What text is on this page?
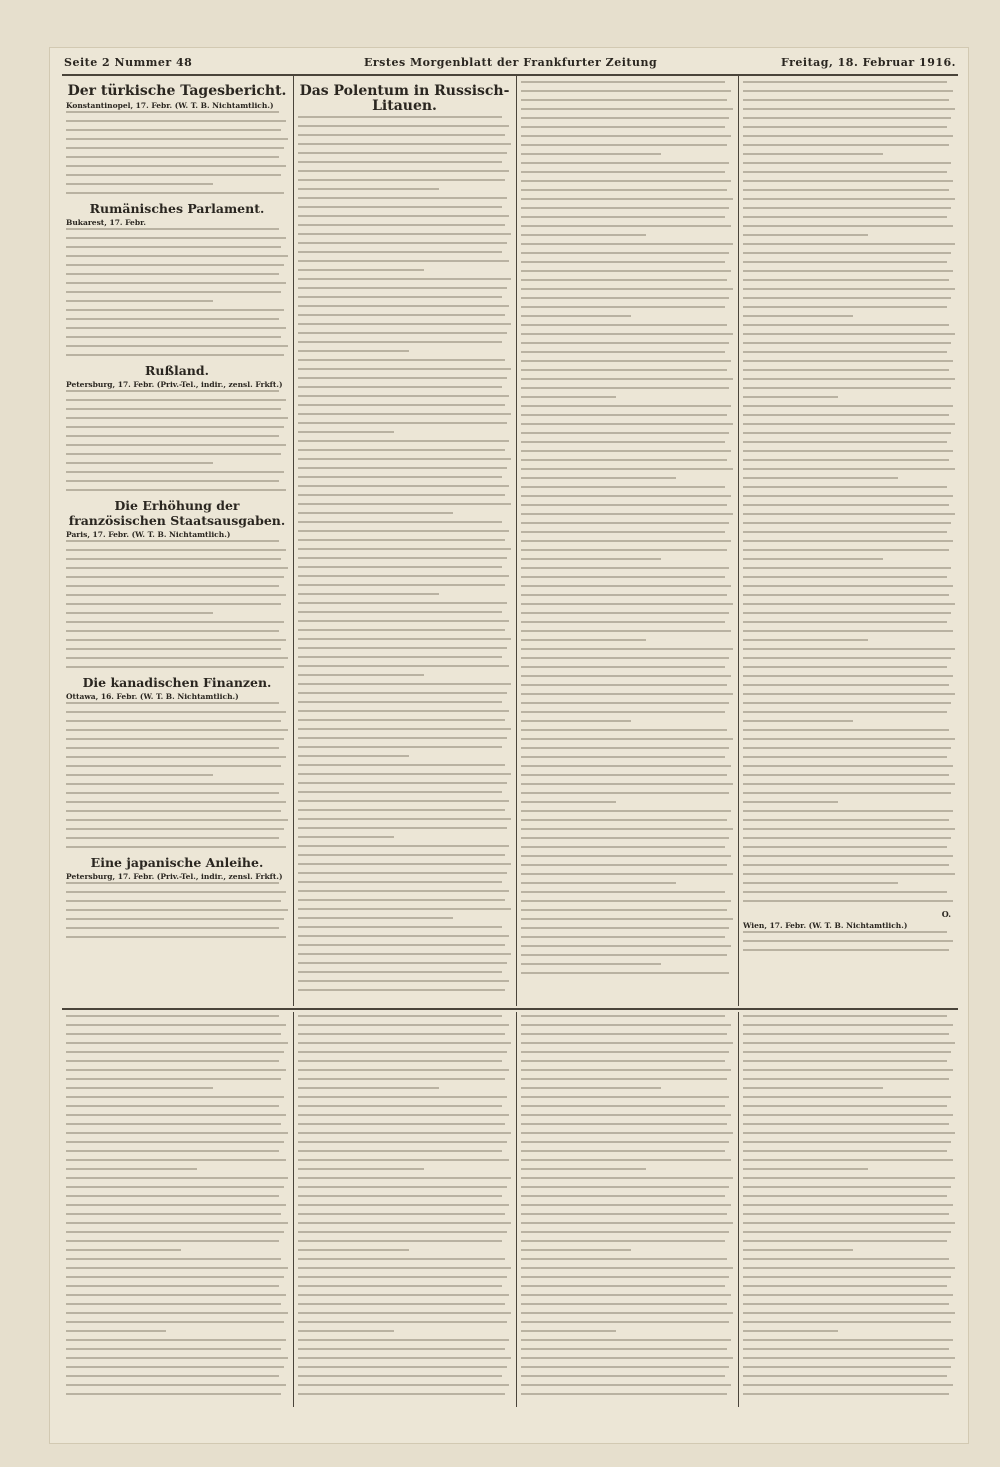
Seite 2 Nummer 48	Erstes Morgenblatt der Frankfurter Zeitung	Freitag, 18. Februar 1916.
Der türkische Tagesbericht.
Konstantinopel, 17. Febr. (W. T. B. Nichtamtlich.)
Rumänisches Parlament.
Bukarest, 17. Febr.
Rußland.
Petersburg, 17. Febr. (Priv.-Tel., indir., zensl. Frkft.)
Die Erhöhung der französischen Staatsausgaben.
Paris, 17. Febr. (W. T. B. Nichtamtlich.)
Die kanadischen Finanzen.
Ottawa, 16. Febr. (W. T. B. Nichtamtlich.)
Eine japanische Anleihe.
Petersburg, 17. Febr. (Priv.-Tel., indir., zensl. Frkft.)
Das Polentum in Russisch-Litauen.
O.
Wien, 17. Febr. (W. T. B. Nichtamtlich.)
